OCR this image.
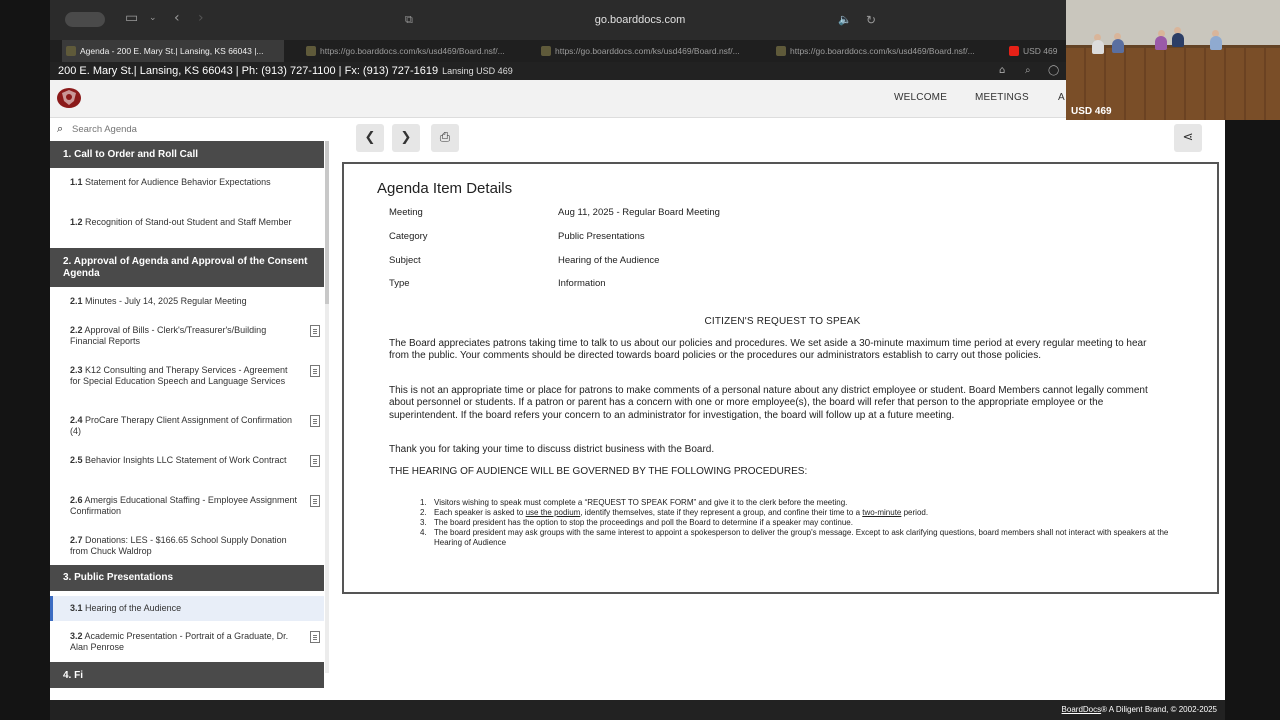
▭ ⌄ ‹ ›	⧉	go.boarddocs.com	🔈 ↻
Agenda - 200 E. Mary St.| Lansing, KS 66043 |...	https://go.boarddocs.com/ks/usd469/Board.nsf/...	https://go.boarddocs.com/ks/usd469/Board.nsf/...	https://go.boarddocs.com/ks/usd469/Board.nsf/...	USD 469
200 E. Mary St.| Lansing, KS 66043 | Ph: (913) 727-1100 | Fx: (913) 727-1619 Lansing USD 469	⌂ ⌕ ◯
WELCOME	MEETINGS	A
⌕
Search Agenda
1. Call to Order and Roll Call
1.1 Statement for Audience Behavior Expectations
1.2 Recognition of Stand-out Student and Staff Member
2. Approval of Agenda and Approval of the Consent Agenda
2.1 Minutes - July 14, 2025 Regular Meeting
2.2 Approval of Bills - Clerk's/Treasurer's/Building Financial Reports
2.3 K12 Consulting and Therapy Services - Agreement for Special Education Speech and Language Services
2.4 ProCare Therapy Client Assignment of Confirmation (4)
2.5 Behavior Insights LLC Statement of Work Contract
2.6 Amergis Educational Staffing - Employee Assignment Confirmation
2.7 Donations: LES - $166.65 School Supply Donation from Chuck Waldrop
3. Public Presentations
3.1
Hearing of the Audience
3.2 Academic Presentation - Portrait of a Graduate, Dr. Alan Penrose
4. Fi
❮	❯	⎙	⋖
Agenda Item Details
Meeting	Aug 11, 2025 - Regular Board Meeting
Category	Public Presentations
Subject	Hearing of the Audience
Type	Information
CITIZEN'S REQUEST TO SPEAK
The Board appreciates patrons taking time to talk to us about our policies and procedures. We set aside a 30-minute maximum time period at every regular meeting to hear from the public. Your comments should be directed towards board policies or the procedures our administrators establish to carry out those policies.
This is not an appropriate time or place for patrons to make comments of a personal nature about any district employee or student. Board Members cannot legally comment about personnel or students. If a patron or parent has a concern with one or more employee(s), the board will refer that person to the appropriate employee or the superintendent. If the board refers your concern to an administrator for investigation, the board will follow up at a future meeting.
Thank you for taking your time to discuss district business with the Board.
THE HEARING OF AUDIENCE WILL BE GOVERNED BY THE FOLLOWING PROCEDURES:
1. Visitors wishing to speak must complete a “REQUEST TO SPEAK FORM” and give it to the clerk before the meeting.
2. Each speaker is asked to use the podium, identify themselves, state if they represent a group, and confine their time to a two-minute period.
3. The board president has the option to stop the proceedings and poll the Board to determine if a speaker may continue.
4. The board president may ask groups with the same interest to appoint a spokesperson to deliver the group's message. Except to ask clarifying questions, board members shall not interact with speakers at the Hearing of Audience
BoardDocs® A Diligent Brand, © 2002-2025
USD 469
